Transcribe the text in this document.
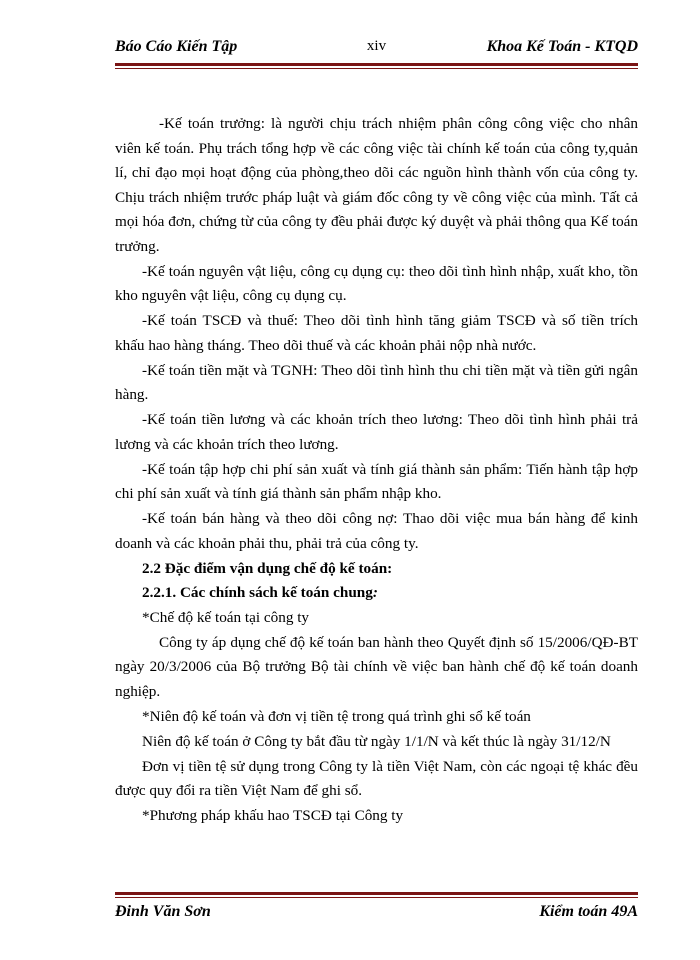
Báo Cáo Kiến Tập	xiv	Khoa Kế Toán - KTQD

-Kế toán trưởng: là người chịu trách nhiệm phân công công việc cho nhân viên kế toán. Phụ trách tổng hợp về các công việc tài chính kế toán của công ty,quản lí, chỉ đạo mọi hoạt động của phòng,theo dõi các nguồn hình thành vốn của công ty. Chịu trách nhiệm trước pháp luật và giám đốc công ty về công việc của mình. Tất cả mọi hóa đơn, chứng từ của công ty đều phải được ký duyệt và phải thông qua Kế toán trưởng.

-Kế toán nguyên vật liệu, công cụ dụng cụ: theo dõi tình hình nhập, xuất kho, tồn kho nguyên vật liệu, công cụ dụng cụ.

-Kế toán TSCĐ và thuế: Theo dõi tình hình tăng giảm TSCĐ và số tiền trích khấu hao hàng tháng. Theo dõi thuế và các khoản phải nộp nhà nước.

-Kế toán tiền mặt và TGNH: Theo dõi tình hình thu chi tiền mặt và tiền gửi ngân hàng.

-Kế toán tiền lương và các khoản trích theo lương: Theo dõi tình hình phải trả lương và các khoản trích theo lương.

-Kế toán tập hợp chi phí sản xuất và tính giá thành sản phẩm: Tiến hành tập hợp chi phí sản xuất và tính giá thành sản phẩm nhập kho.

-Kế toán bán hàng và theo dõi công nợ: Thao dõi việc mua bán hàng để kinh doanh và các khoản phải thu, phải trả của công ty.

2.2 Đặc điểm vận dụng chế độ kế toán:

2.2.1. Các chính sách kế toán chung:

*Chế độ kế toán tại công ty

Công ty áp dụng chế độ kế toán ban hành theo Quyết định số 15/2006/QĐ-BT ngày 20/3/2006 của Bộ trưởng Bộ tài chính về việc ban hành chế độ kế toán doanh nghiệp.

*Niên độ kế toán và đơn vị tiền tệ trong quá trình ghi sổ kế toán

Niên độ kế toán ở Công ty bắt đầu từ ngày 1/1/N và kết thúc là ngày 31/12/N

Đơn vị tiền tệ sử dụng trong Công ty là tiền Việt Nam, còn các ngoại tệ khác đều được quy đổi ra tiền Việt Nam để ghi sổ.

*Phương pháp khấu hao TSCĐ tại Công ty

Đinh Văn Sơn	Kiểm toán 49A
